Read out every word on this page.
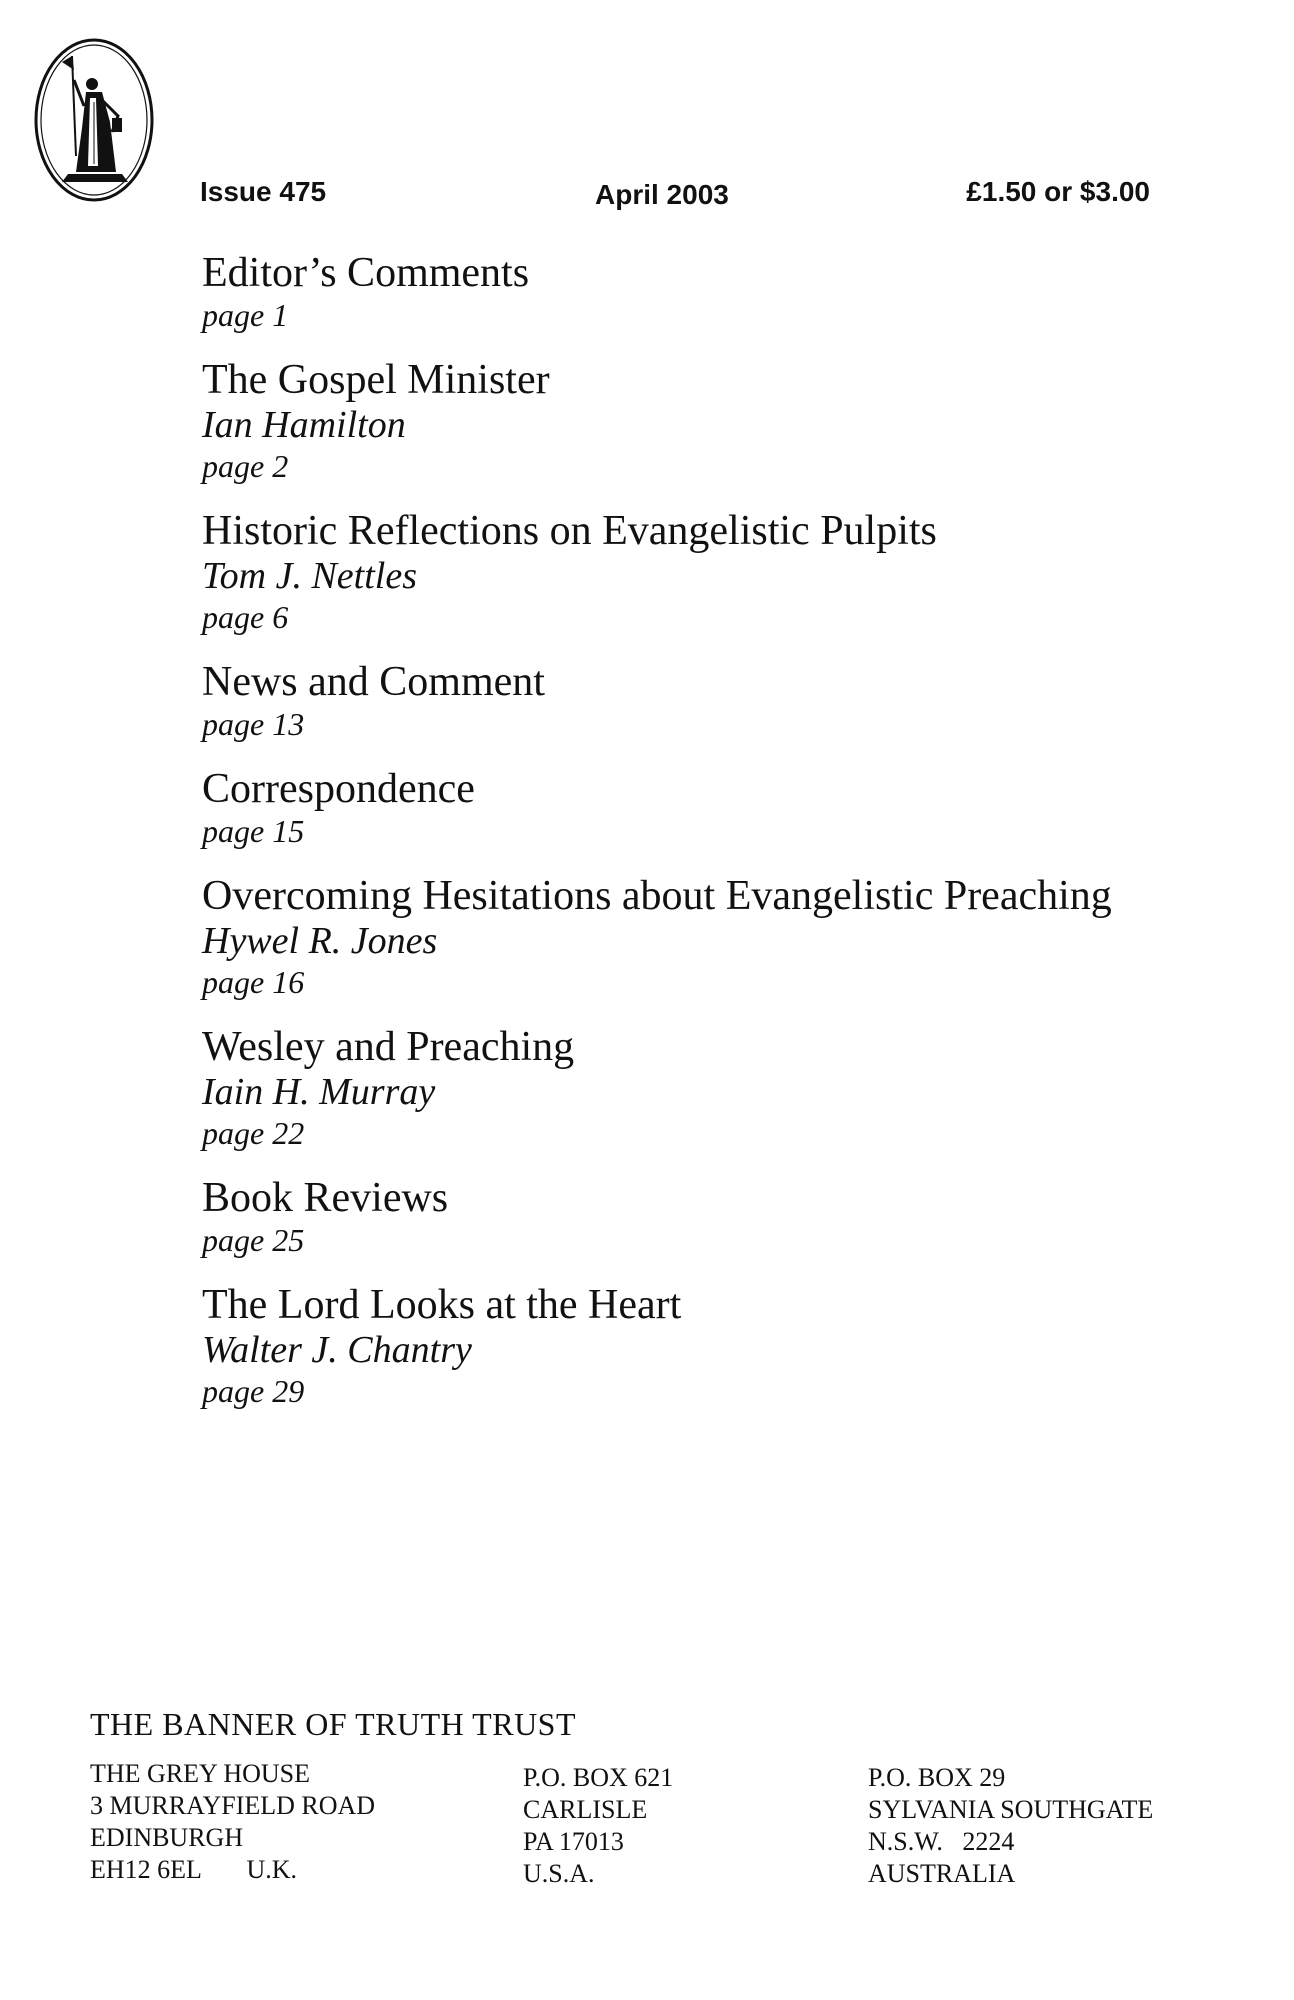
Issue 475	April 2003	£1.50 or $3.00
Editor’s Comments
page 1
The Gospel Minister
Ian Hamilton
page 2
Historic Reflections on Evangelistic Pulpits
Tom J. Nettles
page 6
News and Comment
page 13
Correspondence
page 15
Overcoming Hesitations about Evangelistic Preaching
Hywel R. Jones
page 16
Wesley and Preaching
Iain H. Murray
page 22
Book Reviews
page 25
The Lord Looks at the Heart
Walter J. Chantry
page 29
THE BANNER OF TRUTH TRUST
THE GREY HOUSE
3 MURRAYFIELD ROAD
EDINBURGH
EH12 6EL       U.K.
P.O. BOX 621
CARLISLE
PA 17013
U.S.A.
P.O. BOX 29
SYLVANIA SOUTHGATE
N.S.W.   2224
AUSTRALIA
